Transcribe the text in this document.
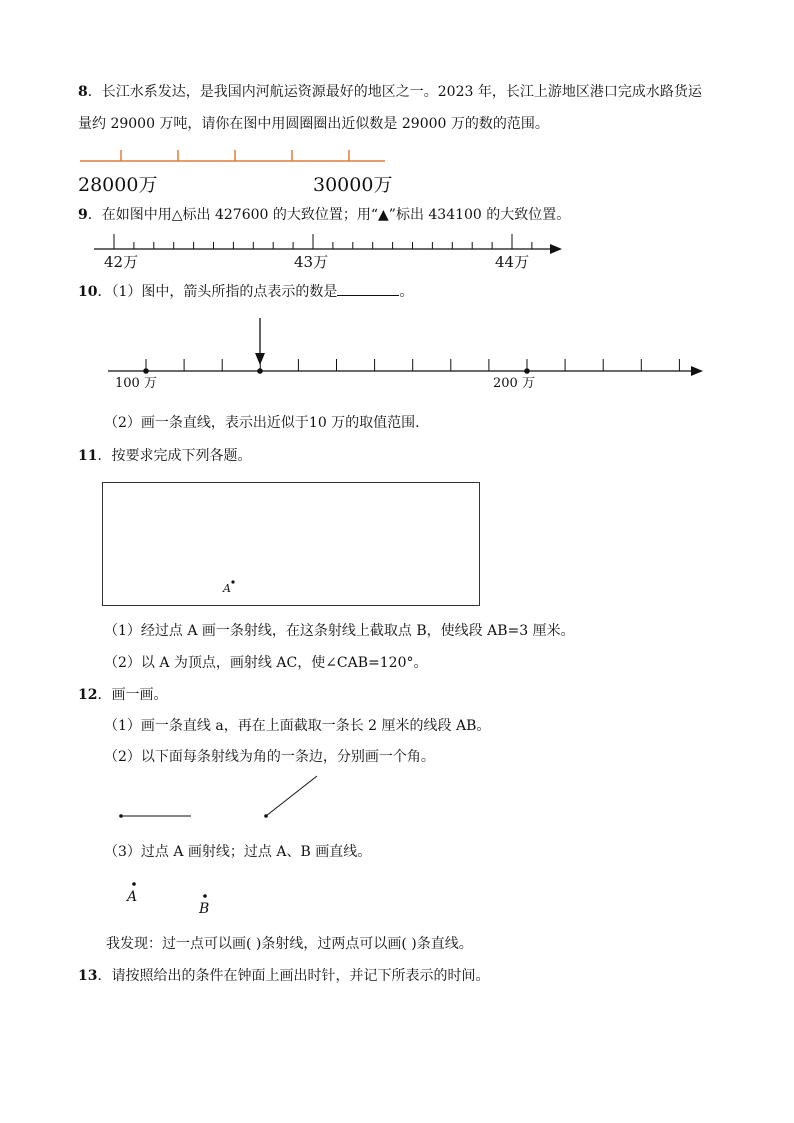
8．长江水系发达，是我国内河航运资源最好的地区之一。2023 年，长江上游地区港口完成水路货运
量约 29000 万吨，请你在图中用圆圈圈出近似数是 29000 万的数的范围。
28000万	30000万
9．在如图中用△标出 427600 的大致位置；用“▲”标出 434100 的大致位置。
42万	43万	44万
10．（1）图中，箭头所指的点表示的数是	。
100 万	200 万
（2）画一条直线，表示出近似于10 万的取值范围.
11．按要求完成下列各题。
A
（1）经过点 A 画一条射线，在这条射线上截取点 B，使线段 AB=3 厘米。
（2）以 A 为顶点，画射线 AC，使∠CAB=120°。
12．画一画。
（1）画一条直线 a，再在上面截取一条长 2 厘米的线段 AB。
（2）以下面每条射线为角的一条边，分别画一个角。
（3）过点 A 画射线；过点 A、B 画直线。
A
B
我发现：过一点可以画( )条射线，过两点可以画( )条直线。
13．请按照给出的条件在钟面上画出时针，并记下所表示的时间。
